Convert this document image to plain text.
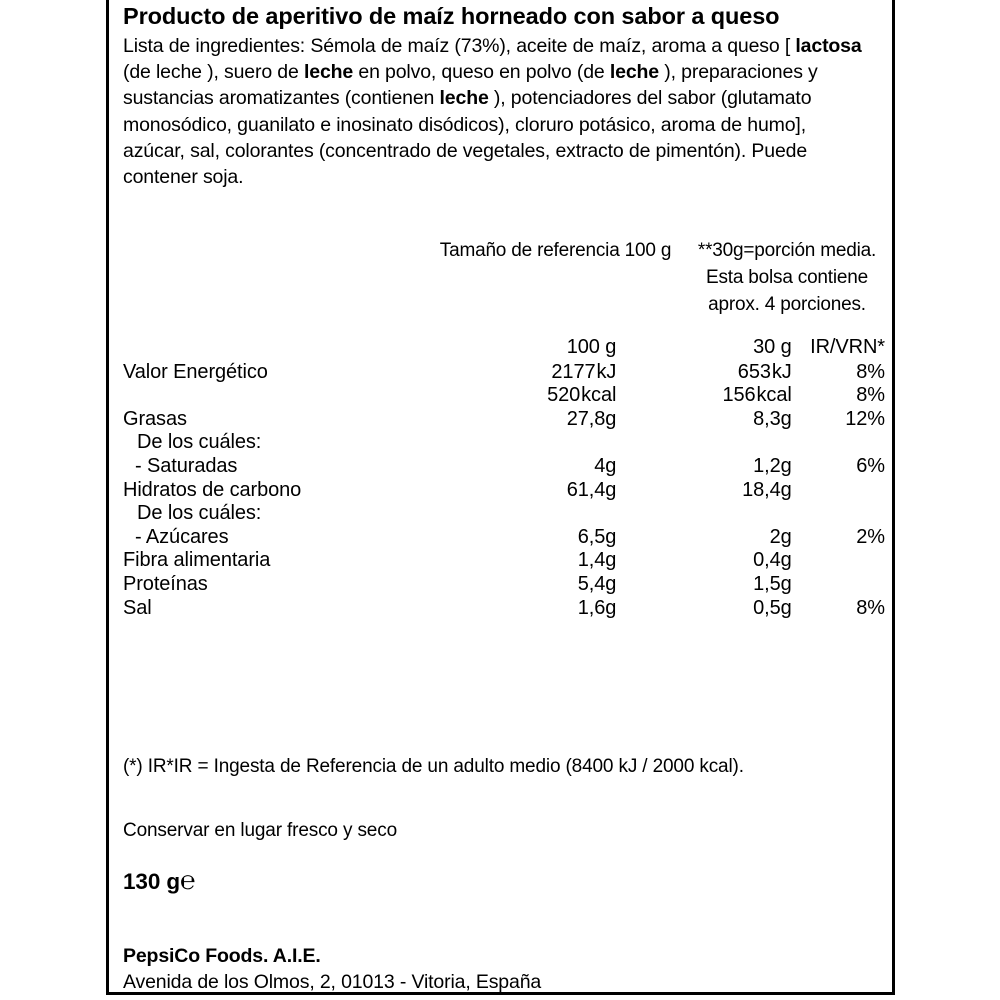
Producto de aperitivo de maíz horneado con sabor a queso
Lista de ingredientes: Sémola de maíz (73%), aceite de maíz, aroma a queso [ lactosa (de leche ), suero de leche en polvo, queso en polvo (de leche ), preparaciones y sustancias aromatizantes (contienen leche ), potenciadores del sabor (glutamato monosódico, guanilato e inosinato disódicos), cloruro potásico, aroma de humo], azúcar, sal, colorantes (concentrado de vegetales, extracto de pimentón). Puede contener soja.
Tamaño de referencia 100 g	**30g=porción media. Esta bolsa contiene aprox. 4 porciones.
	100 g	30 g	IR/VRN*
Valor Energético	2177kJ	653kJ	8%
	520kcal	156kcal	8%
Grasas	27,8g	8,3g	12%
De los cuáles:			
- Saturadas	4g	1,2g	6%
Hidratos de carbono	61,4g	18,4g	
De los cuáles:			
- Azúcares	6,5g	2g	2%
Fibra alimentaria	1,4g	0,4g	
Proteínas	5,4g	1,5g	
Sal	1,6g	0,5g	8%
(*) IR*IR = Ingesta de Referencia de un adulto medio (8400 kJ / 2000 kcal).
Conservar en lugar fresco y seco
130 g℮
PepsiCo Foods. A.I.E.
Avenida de los Olmos, 2, 01013 - Vitoria, España
